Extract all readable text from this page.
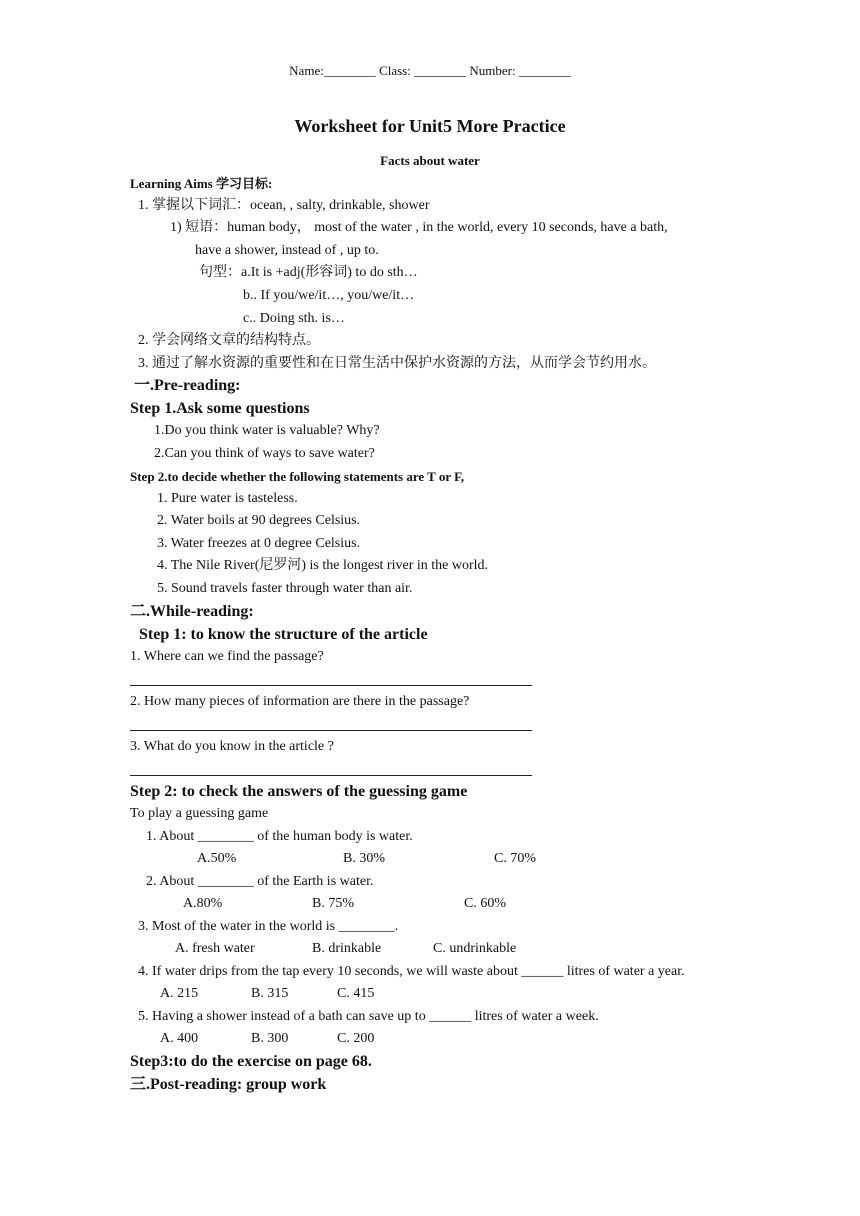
Name:________ Class: ________ Number: ________
Worksheet for Unit5 More Practice
Facts about water
Learning Aims 学习目标:
1. 掌握以下词汇：ocean, , salty, drinkable, shower
1) 短语：human body， most of the water , in the world, every 10 seconds, have a bath,
have a shower, instead of , up to.
句型：a.It is +adj(形容词) to do sth…
b.. If you/we/it…, you/we/it…
c.. Doing sth. is…
2. 学会网络文章的结构特点。
3. 通过了解水资源的重要性和在日常生活中保护水资源的方法，从而学会节约用水。
一.Pre-reading:
Step 1.Ask some questions
1.Do you think water is valuable? Why?
2.Can you think of ways to save water?
Step 2.to decide whether the following statements are T or F,
1. Pure water is tasteless.
2. Water boils at 90 degrees Celsius.
3. Water freezes at 0 degree Celsius.
4. The Nile River(尼罗河) is the longest river in the world.
5. Sound travels faster through water than air.
二.While-reading:
Step 1: to know the structure of the article
1. Where can we find the passage?
2. How many pieces of information are there in the passage?
3. What do you know in the article ?
Step 2: to check the answers of the guessing game
To play a guessing game
1. About ________ of the human body is water.
A.50%	B. 30%	C. 70%
2. About ________ of the Earth is water.
A.80%	B. 75%	C. 60%
3. Most of the water in the world is ________.
A. fresh water	B. drinkable	C. undrinkable
4. If water drips from the tap every 10 seconds, we will waste about ______ litres of water a year.
A. 215	B. 315	C. 415
5. Having a shower instead of a bath can save up to ______ litres of water a week.
A. 400	B. 300	C. 200
Step3:to do the exercise on page 68.
三.Post-reading: group work
